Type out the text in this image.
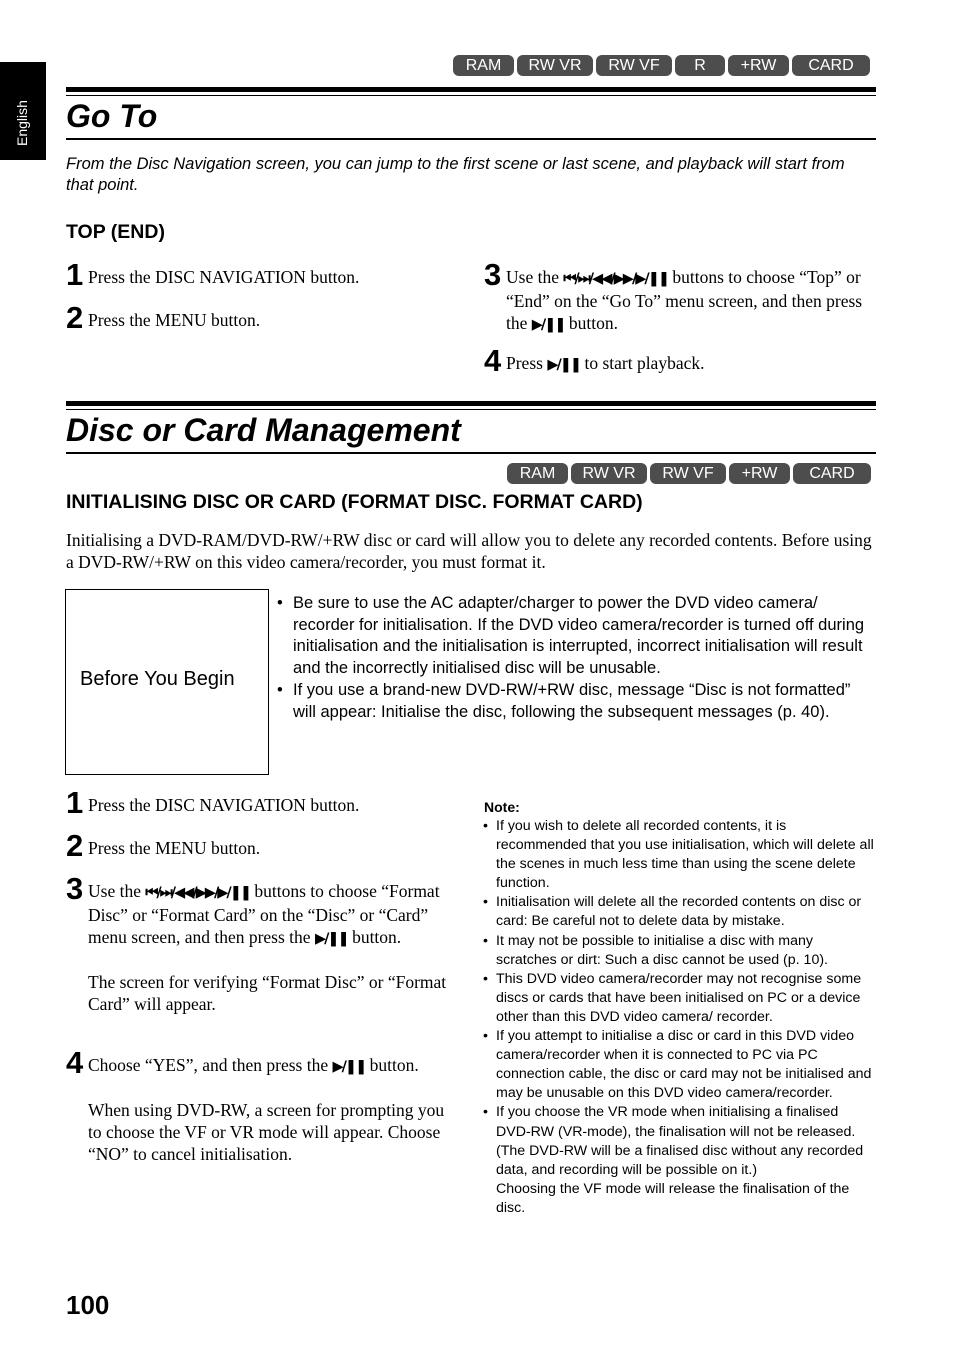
English
RAM	RW VR	RW VF	R	+RW	CARD
Go To
From the Disc Navigation screen, you can jump to the first scene or last scene, and playback will start from that point.
TOP (END)
1 Press the DISC NAVIGATION button.
2 Press the MENU button.
3 Use the ⏮/⏭/◀◀/▶▶/▶/❚❚ buttons to choose “Top” or “End” on the “Go To” menu screen, and then press the ▶/❚❚ button.
4 Press ▶/❚❚ to start playback.
Disc or Card Management
RAM	RW VR	RW VF	+RW	CARD
INITIALISING DISC OR CARD (FORMAT DISC. FORMAT CARD)
Initialising a DVD-RAM/DVD-RW/+RW disc or card will allow you to delete any recorded contents. Before using a DVD-RW/+RW on this video camera/recorder, you must format it.
Before You Begin
• Be sure to use the AC adapter/charger to power the DVD video camera/ recorder for initialisation. If the DVD video camera/recorder is turned off during initialisation and the initialisation is interrupted, incorrect initialisation will result and the incorrectly initialised disc will be unusable.
• If you use a brand-new DVD-RW/+RW disc, message “Disc is not formatted” will appear: Initialise the disc, following the subsequent messages (p. 40).
1 Press the DISC NAVIGATION button.
2 Press the MENU button.
3 Use the ⏮/⏭/◀◀/▶▶/▶/❚❚ buttons to choose “Format Disc” or “Format Card” on the “Disc” or “Card” menu screen, and then press the ▶/❚❚ button.

The screen for verifying “Format Disc” or “Format Card” will appear.

4 Choose “YES”, and then press the ▶/❚❚ button.

When using DVD-RW, a screen for prompting you to choose the VF or VR mode will appear. Choose “NO” to cancel initialisation.

Note:
• If you wish to delete all recorded contents, it is recommended that you use initialisation, which will delete all the scenes in much less time than using the scene delete function.
• Initialisation will delete all the recorded contents on disc or card: Be careful not to delete data by mistake.
• It may not be possible to initialise a disc with many scratches or dirt: Such a disc cannot be used (p. 10).
• This DVD video camera/recorder may not recognise some discs or cards that have been initialised on PC or a device other than this DVD video camera/ recorder.
• If you attempt to initialise a disc or card in this DVD video camera/recorder when it is connected to PC via PC connection cable, the disc or card may not be initialised and may be unusable on this DVD video camera/recorder.
• If you choose the VR mode when initialising a finalised DVD-RW (VR-mode), the finalisation will not be released. (The DVD-RW will be a finalised disc without any recorded data, and recording will be possible on it.)
Choosing the VF mode will release the finalisation of the disc.
100
